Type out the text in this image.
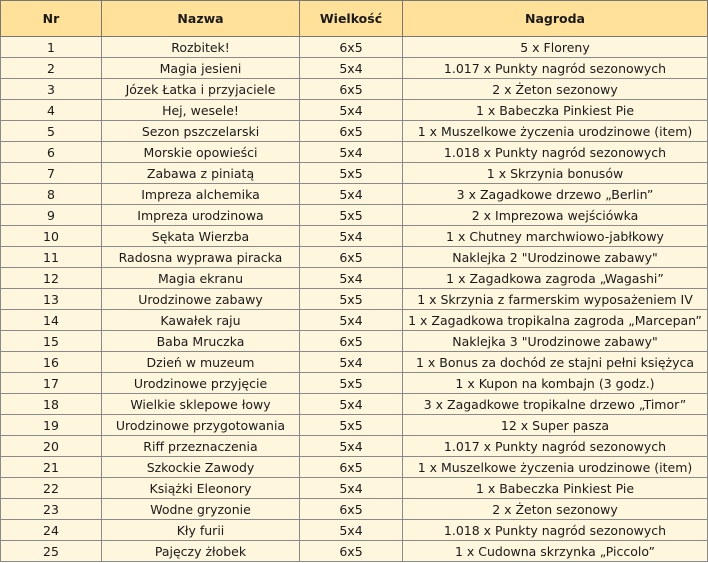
Nr	Nazwa	Wielkość	Nagroda
1	Rozbitek!	6x5	5 x Floreny
2	Magia jesieni	5x4	1.017 x Punkty nagród sezonowych
3	Józek Łatka i przyjaciele	6x5	2 x Żeton sezonowy
4	Hej, wesele!	5x4	1 x Babeczka Pinkiest Pie
5	Sezon pszczelarski	6x5	1 x Muszelkowe życzenia urodzinowe (item)
6	Morskie opowieści	5x4	1.018 x Punkty nagród sezonowych
7	Zabawa z piniatą	5x5	1 x Skrzynia bonusów
8	Impreza alchemika	5x4	3 x Zagadkowe drzewo „Berlin”
9	Impreza urodzinowa	5x5	2 x Imprezowa wejściówka
10	Sękata Wierzba	5x4	1 x Chutney marchwiowo-jabłkowy
11	Radosna wyprawa piracka	6x5	Naklejka 2 "Urodzinowe zabawy"
12	Magia ekranu	5x4	1 x Zagadkowa zagroda „Wagashi”
13	Urodzinowe zabawy	5x5	1 x Skrzynia z farmerskim wyposażeniem IV
14	Kawałek raju	5x4	1 x Zagadkowa tropikalna zagroda „Marcepan”
15	Baba Mruczka	6x5	Naklejka 3 "Urodzinowe zabawy"
16	Dzień w muzeum	5x4	1 x Bonus za dochód ze stajni pełni księżyca
17	Urodzinowe przyjęcie	5x5	1 x Kupon na kombajn (3 godz.)
18	Wielkie sklepowe łowy	5x4	3 x Zagadkowe tropikalne drzewo „Timor”
19	Urodzinowe przygotowania	5x5	12 x Super pasza
20	Riff przeznaczenia	5x4	1.017 x Punkty nagród sezonowych
21	Szkockie Zawody	6x5	1 x Muszelkowe życzenia urodzinowe (item)
22	Książki Eleonory	5x4	1 x Babeczka Pinkiest Pie
23	Wodne gryzonie	6x5	2 x Żeton sezonowy
24	Kły furii	5x4	1.018 x Punkty nagród sezonowych
25	Pajęczy żłobek	6x5	1 x Cudowna skrzynka „Piccolo”
